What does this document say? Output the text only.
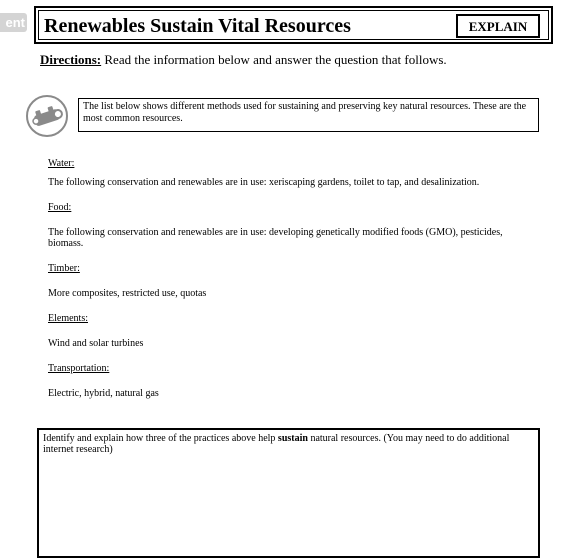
ent Renewables Sustain Vital Resources	EXPLAIN
Directions: Read the information below and answer the question that follows.
The list below shows different methods used for sustaining and preserving key natural resources. These are the most common resources.

Water:

The following conservation and renewables are in use: xeriscaping gardens, toilet to tap, and desalinization.

Food:

The following conservation and renewables are in use: developing genetically modified foods (GMO), pesticides, biomass.

Timber:

More composites, restricted use, quotas

Elements:

Wind and solar turbines

Transportation:

Electric, hybrid, natural gas

Identify and explain how three of the practices above help sustain natural resources. (You may need to do additional internet research)
